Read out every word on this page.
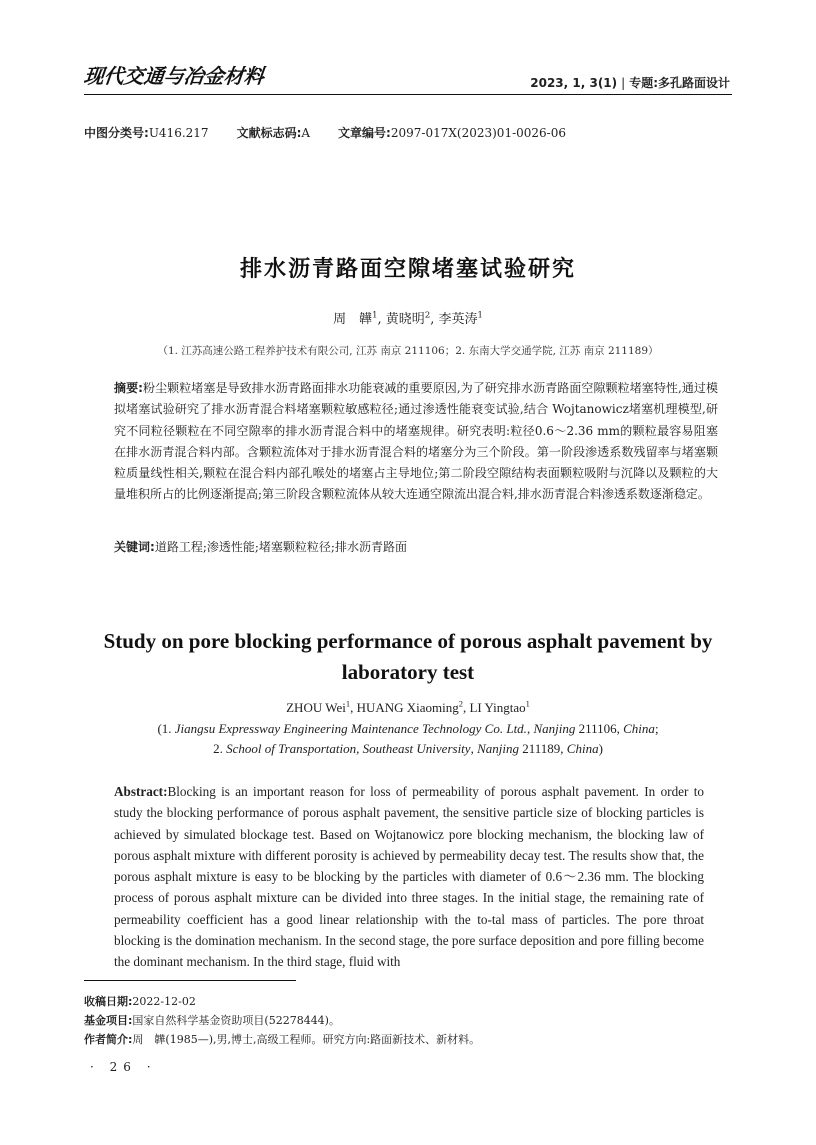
现代交通与冶金材料	2023, 1, 3(1) | 专题:多孔路面设计
中图分类号:U416.217 文献标志码:A 文章编号:2097-017X(2023)01-0026-06
排水沥青路面空隙堵塞试验研究
周　韡$^1$, 黄晓明$^2$, 李英涛$^1$
（1. 江苏高速公路工程养护技术有限公司, 江苏 南京 211106；2. 东南大学交通学院, 江苏 南京 211189）
摘要:粉尘颗粒堵塞是导致排水沥青路面排水功能衰减的重要原因,为了研究排水沥青路面空隙颗粒堵塞特性,通过模拟堵塞试验研究了排水沥青混合料堵塞颗粒敏感粒径;通过渗透性能衰变试验,结合 Wojtanowicz堵塞机理模型,研究不同粒径颗粒在不同空隙率的排水沥青混合料中的堵塞规律。研究表明:粒径0.6～2.36 mm的颗粒最容易阻塞在排水沥青混合料内部。含颗粒流体对于排水沥青混合料的堵塞分为三个阶段。第一阶段渗透系数残留率与堵塞颗粒质量线性相关,颗粒在混合料内部孔喉处的堵塞占主导地位;第二阶段空隙结构表面颗粒吸附与沉降以及颗粒的大量堆积所占的比例逐渐提高;第三阶段含颗粒流体从较大连通空隙流出混合料,排水沥青混合料渗透系数逐渐稳定。
关键词:道路工程;渗透性能;堵塞颗粒粒径;排水沥青路面
Study on pore blocking performance of porous asphalt pavement by laboratory test
ZHOU Wei$^1$, HUANG Xiaoming$^2$, LI Yingtao$^1$
(1. Jiangsu Expressway Engineering Maintenance Technology Co. Ltd., Nanjing 211106, China;
2. School of Transportation, Southeast University, Nanjing 211189, China)
Abstract:Blocking is an important reason for loss of permeability of porous asphalt pavement. In order to study the blocking performance of porous asphalt pavement, the sensitive particle size of blocking particles is achieved by simulated blockage test. Based on Wojtanowicz pore blocking mechanism, the blocking law of porous asphalt mixture with different porosity is achieved by permeability decay test. The results show that, the porous asphalt mixture is easy to be blocking by the particles with diameter of 0.6～2.36 mm. The blocking process of porous asphalt mixture can be divided into three stages. In the initial stage, the remaining rate of permeability coefficient has a good linear relationship with the to-tal mass of particles. The pore throat blocking is the domination mechanism. In the second stage, the pore surface deposition and pore filling become the dominant mechanism. In the third stage, fluid with
收稿日期:2022-12-02
基金项目:国家自然科学基金资助项目(52278444)。
作者简介:周　韡(1985—),男,博士,高级工程师。研究方向:路面新技术、新材料。
· 26 ·
